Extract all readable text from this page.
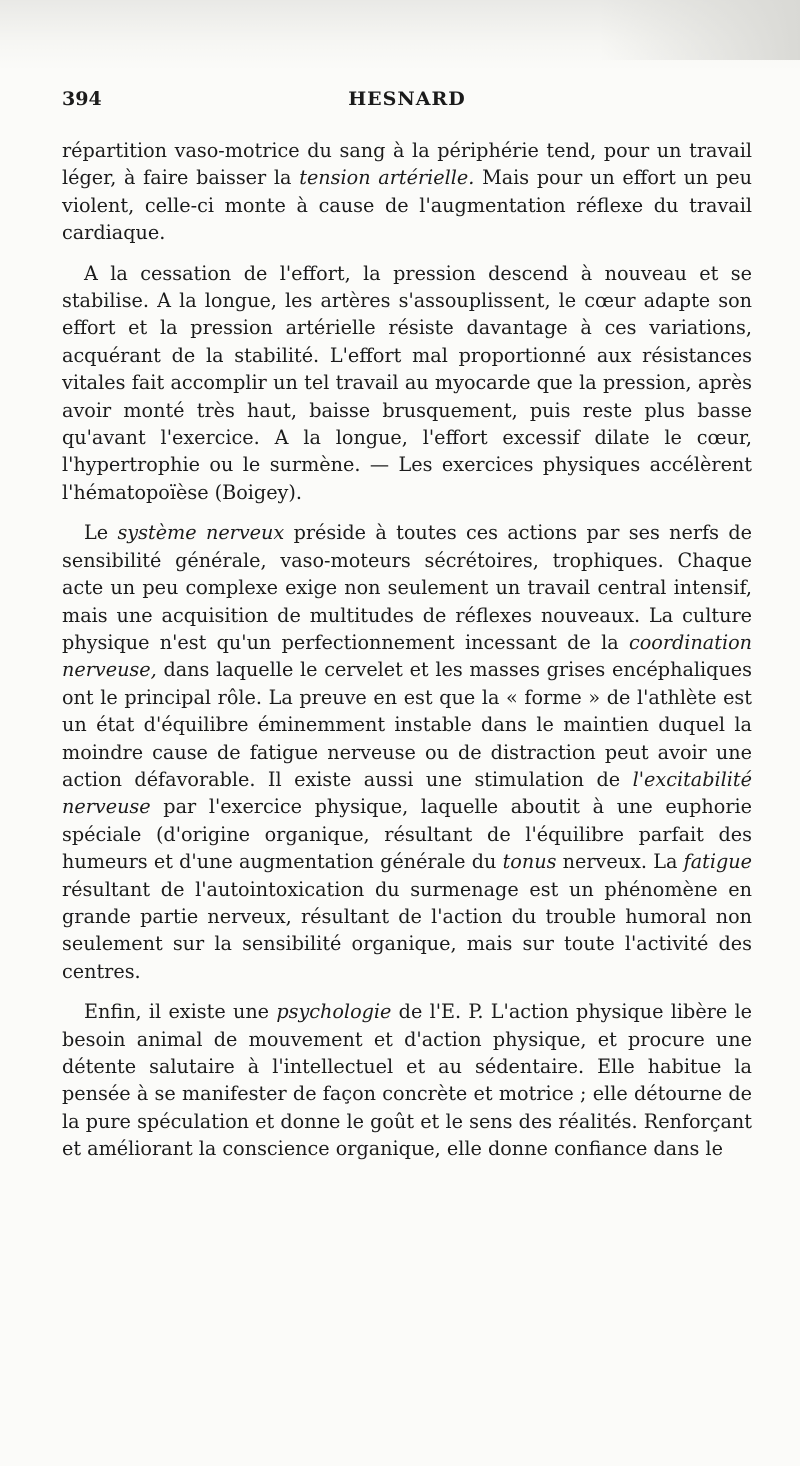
394	HESNARD

répartition vaso-motrice du sang à la périphérie tend, pour un travail léger, à faire baisser la tension artérielle. Mais pour un effort un peu violent, celle-ci monte à cause de l'augmentation réflexe du travail cardiaque.

A la cessation de l'effort, la pression descend à nouveau et se stabilise. A la longue, les artères s'assouplissent, le cœur adapte son effort et la pression artérielle résiste davantage à ces variations, acquérant de la stabilité. L'effort mal proportionné aux résistances vitales fait accomplir un tel travail au myocarde que la pression, après avoir monté très haut, baisse brusquement, puis reste plus basse qu'avant l'exercice. A la longue, l'effort excessif dilate le cœur, l'hypertrophie ou le surmène. — Les exercices physiques accélèrent l'hématopoïèse (Boigey).

Le système nerveux préside à toutes ces actions par ses nerfs de sensibilité générale, vaso-moteurs sécrétoires, trophiques. Chaque acte un peu complexe exige non seulement un travail central intensif, mais une acquisition de multitudes de réflexes nouveaux. La culture physique n'est qu'un perfectionnement incessant de la coordination nerveuse, dans laquelle le cervelet et les masses grises encéphaliques ont le principal rôle. La preuve en est que la « forme » de l'athlète est un état d'équilibre éminemment instable dans le maintien duquel la moindre cause de fatigue nerveuse ou de distraction peut avoir une action défavorable. Il existe aussi une stimulation de l'excitabilité nerveuse par l'exercice physique, laquelle aboutit à une euphorie spéciale (d'origine organique, résultant de l'équilibre parfait des humeurs et d'une augmentation générale du tonus nerveux. La fatigue résultant de l'autointoxication du surmenage est un phénomène en grande partie nerveux, résultant de l'action du trouble humoral non seulement sur la sensibilité organique, mais sur toute l'activité des centres.

Enfin, il existe une psychologie de l'E. P. L'action physique libère le besoin animal de mouvement et d'action physique, et procure une détente salutaire à l'intellectuel et au sédentaire. Elle habitue la pensée à se manifester de façon concrète et motrice ; elle détourne de la pure spéculation et donne le goût et le sens des réalités. Renforçant et améliorant la conscience organique, elle donne confiance dans le
